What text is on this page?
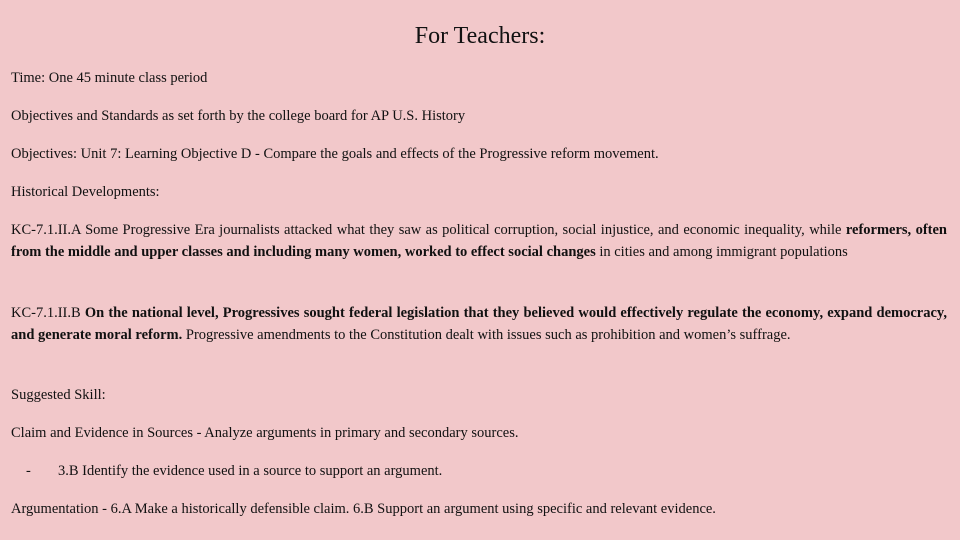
For Teachers:

Time: One 45 minute class period

Objectives and Standards as set forth by the college board for AP U.S. History

Objectives: Unit 7: Learning Objective D - Compare the goals and effects of the Progressive reform movement.

Historical Developments:

KC-7.1.II.A Some Progressive Era journalists attacked what they saw as political corruption, social injustice, and economic inequality, while reformers, often from the middle and upper classes and including many women, worked to effect social changes in cities and among immigrant populations

KC-7.1.II.B On the national level, Progressives sought federal legislation that they believed would effectively regulate the economy, expand democracy, and generate moral reform. Progressive amendments to the Constitution dealt with issues such as prohibition and women’s suffrage.

Suggested Skill:

Claim and Evidence in Sources - Analyze arguments in primary and secondary sources.

- 3.B Identify the evidence used in a source to support an argument.

Argumentation - 6.A Make a historically defensible claim. 6.B Support an argument using specific and relevant evidence.
